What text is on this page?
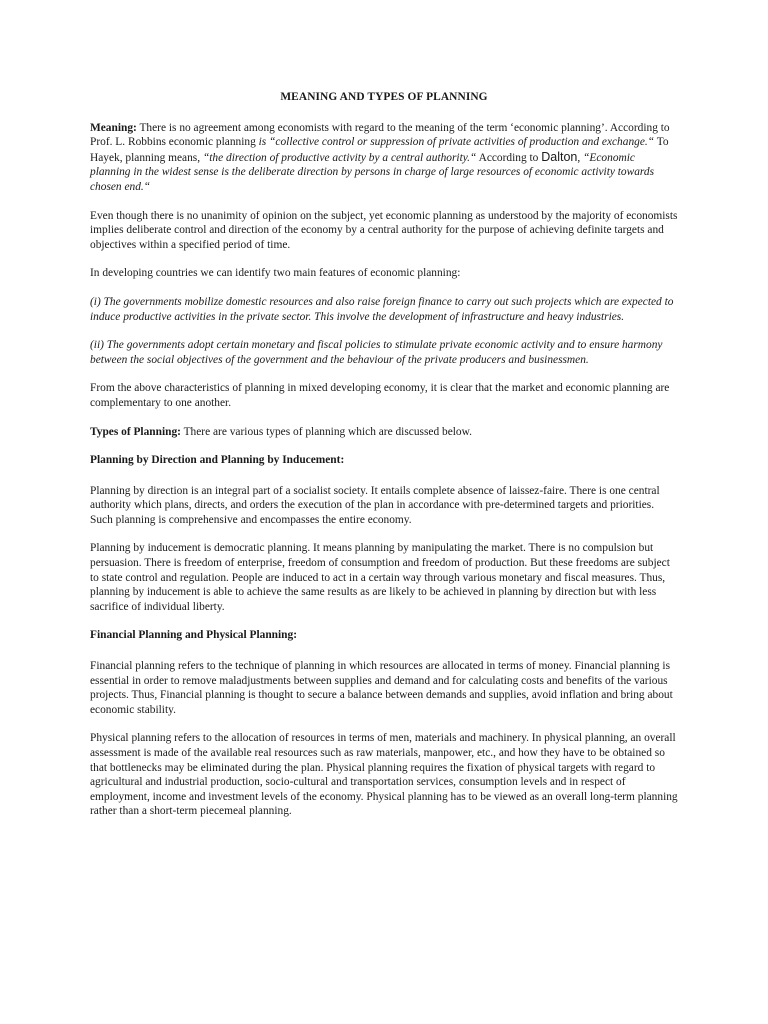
MEANING AND TYPES OF PLANNING

Meaning: There is no agreement among economists with regard to the meaning of the term ‘economic planning’. According to Prof. L. Robbins economic planning is “collective control or suppression of private activities of production and exchange.“ To Hayek, planning means, “the direction of productive activity by a central authority.“ According to Dalton, “Economic planning in the widest sense is the deliberate direction by persons in charge of large resources of economic activity towards chosen end.“

Even though there is no unanimity of opinion on the subject, yet economic planning as understood by the majority of economists implies deliberate control and direction of the economy by a central authority for the purpose of achieving definite targets and objectives within a specified period of time.

In developing countries we can identify two main features of economic planning:

(i) The governments mobilize domestic resources and also raise foreign finance to carry out such projects which are expected to induce productive activities in the private sector. This involve the development of infrastructure and heavy industries.

(ii) The governments adopt certain monetary and fiscal policies to stimulate private economic activity and to ensure harmony between the social objectives of the government and the behaviour of the private producers and businessmen.

From the above characteristics of planning in mixed developing economy, it is clear that the market and economic planning are complementary to one another.

Types of Planning: There are various types of planning which are discussed below.

Planning by Direction and Planning by Inducement:

Planning by direction is an integral part of a socialist society. It entails complete absence of laissez-faire. There is one central authority which plans, directs, and orders the execution of the plan in accordance with pre-determined targets and priorities. Such planning is comprehensive and encompasses the entire economy.

Planning by inducement is democratic planning. It means planning by manipulating the market. There is no compulsion but persuasion. There is freedom of enterprise, freedom of consumption and freedom of production. But these freedoms are subject to state control and regulation. People are induced to act in a certain way through various monetary and fiscal measures. Thus, planning by inducement is able to achieve the same results as are likely to be achieved in planning by direction but with less sacrifice of individual liberty.

Financial Planning and Physical Planning:

Financial planning refers to the technique of planning in which resources are allocated in terms of money. Financial planning is essential in order to remove maladjustments between supplies and demand and for calculating costs and benefits of the various projects. Thus, Financial planning is thought to secure a balance between demands and supplies, avoid inflation and bring about economic stability.

Physical planning refers to the allocation of resources in terms of men, materials and machinery. In physical planning, an overall assessment is made of the available real resources such as raw materials, manpower, etc., and how they have to be obtained so that bottlenecks may be eliminated during the plan. Physical planning requires the fixation of physical targets with regard to agricultural and industrial production, socio-cultural and transportation services, consumption levels and in respect of employment, income and investment levels of the economy. Physical planning has to be viewed as an overall long-term planning rather than a short-term piecemeal planning.
